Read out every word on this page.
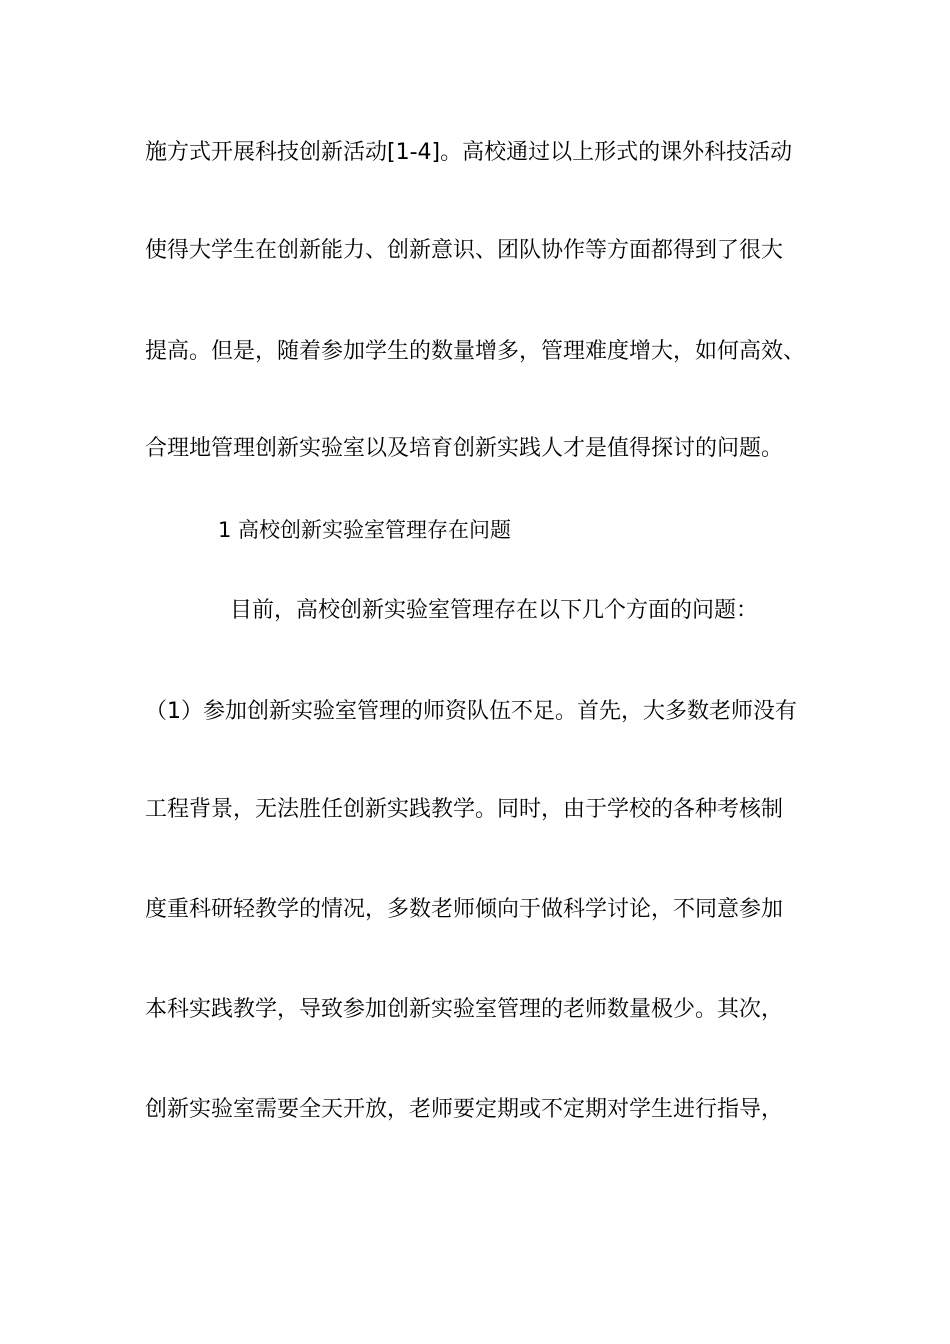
施方式开展科技创新活动[1-4]。高校通过以上形式的课外科技活动
使得大学生在创新能力、创新意识、团队协作等方面都得到了很大
提高。但是，随着参加学生的数量增多，管理难度增大，如何高效、
合理地管理创新实验室以及培育创新实践人才是值得探讨的问题。
1 高校创新实验室管理存在问题
目前，高校创新实验室管理存在以下几个方面的问题：
（1）参加创新实验室管理的师资队伍不足。首先，大多数老师没有
工程背景，无法胜任创新实践教学。同时，由于学校的各种考核制
度重科研轻教学的情况，多数老师倾向于做科学讨论，不同意参加
本科实践教学，导致参加创新实验室管理的老师数量极少。其次，
创新实验室需要全天开放，老师要定期或不定期对学生进行指导，
